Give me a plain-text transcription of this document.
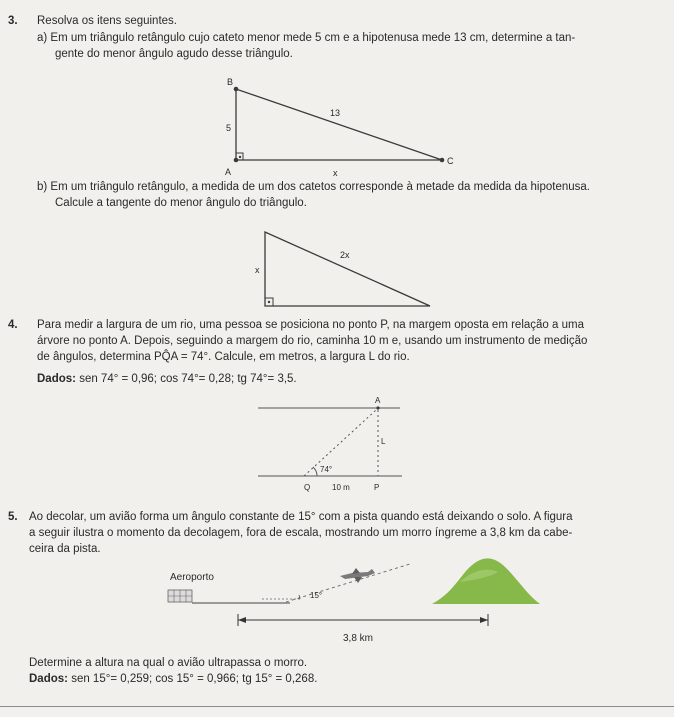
3. Resolva os itens seguintes.
a) Em um triângulo retângulo cujo cateto menor mede 5 cm e a hipotenusa mede 13 cm, determine a tan-
gente do menor ângulo agudo desse triângulo.
B
A
C
5
13
x
b) Em um triângulo retângulo, a medida de um dos catetos corresponde à metade da medida da hipotenusa.
Calcule a tangente do menor ângulo do triângulo.
x
2x
4. Para medir a largura de um rio, uma pessoa se posiciona no ponto P, na margem oposta em relação a uma
árvore no ponto A. Depois, seguindo a margem do rio, caminha 10 m e, usando um instrumento de medição
de ângulos, determina PQ̂A = 74°. Calcule, em metros, a largura L do rio.
Dados: sen 74° = 0,96; cos 74°= 0,28; tg 74°= 3,5.
A
L
74°
Q	10 m	P
5. Ao decolar, um avião forma um ângulo constante de 15° com a pista quando está deixando o solo. A figura
a seguir ilustra o momento da decolagem, fora de escala, mostrando um morro íngreme a 3,8 km da cabe-
ceira da pista.
Aeroporto
15°
3,8 km
Determine a altura na qual o avião ultrapassa o morro.
Dados: sen 15°= 0,259; cos 15° = 0,966; tg 15° = 0,268.
